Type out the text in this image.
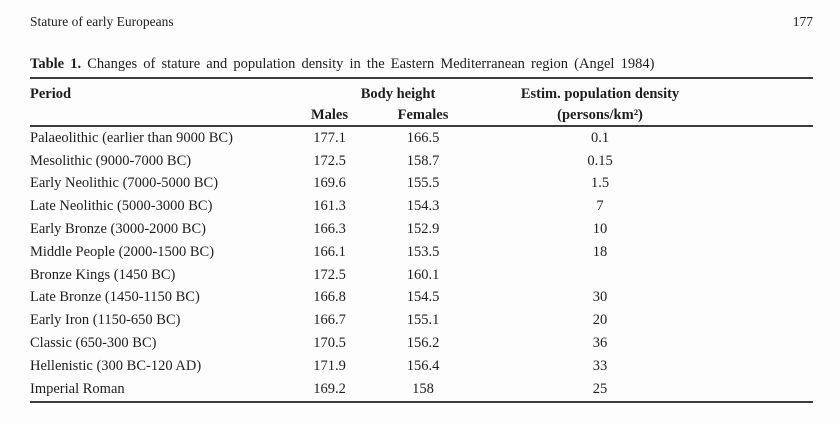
Stature of early Europeans	177
Table 1. Changes of stature and population density in the Eastern Mediterranean region (Angel 1984)
Period	Body height		Estim. population density	
	Males	Females	(persons/km²)	
Palaeolithic (earlier than 9000 BC)	177.1	166.5	0.1	
Mesolithic (9000-7000 BC)	172.5	158.7	0.15	
Early Neolithic (7000-5000 BC)	169.6	155.5	1.5	
Late Neolithic (5000-3000 BC)	161.3	154.3	7	
Early Bronze (3000-2000 BC)	166.3	152.9	10	
Middle People (2000-1500 BC)	166.1	153.5	18	
Bronze Kings (1450 BC)	172.5	160.1		
Late Bronze (1450-1150 BC)	166.8	154.5	30	
Early Iron (1150-650 BC)	166.7	155.1	20	
Classic (650-300 BC)	170.5	156.2	36	
Hellenistic (300 BC-120 AD)	171.9	156.4	33	
Imperial Roman	169.2	158	25	
